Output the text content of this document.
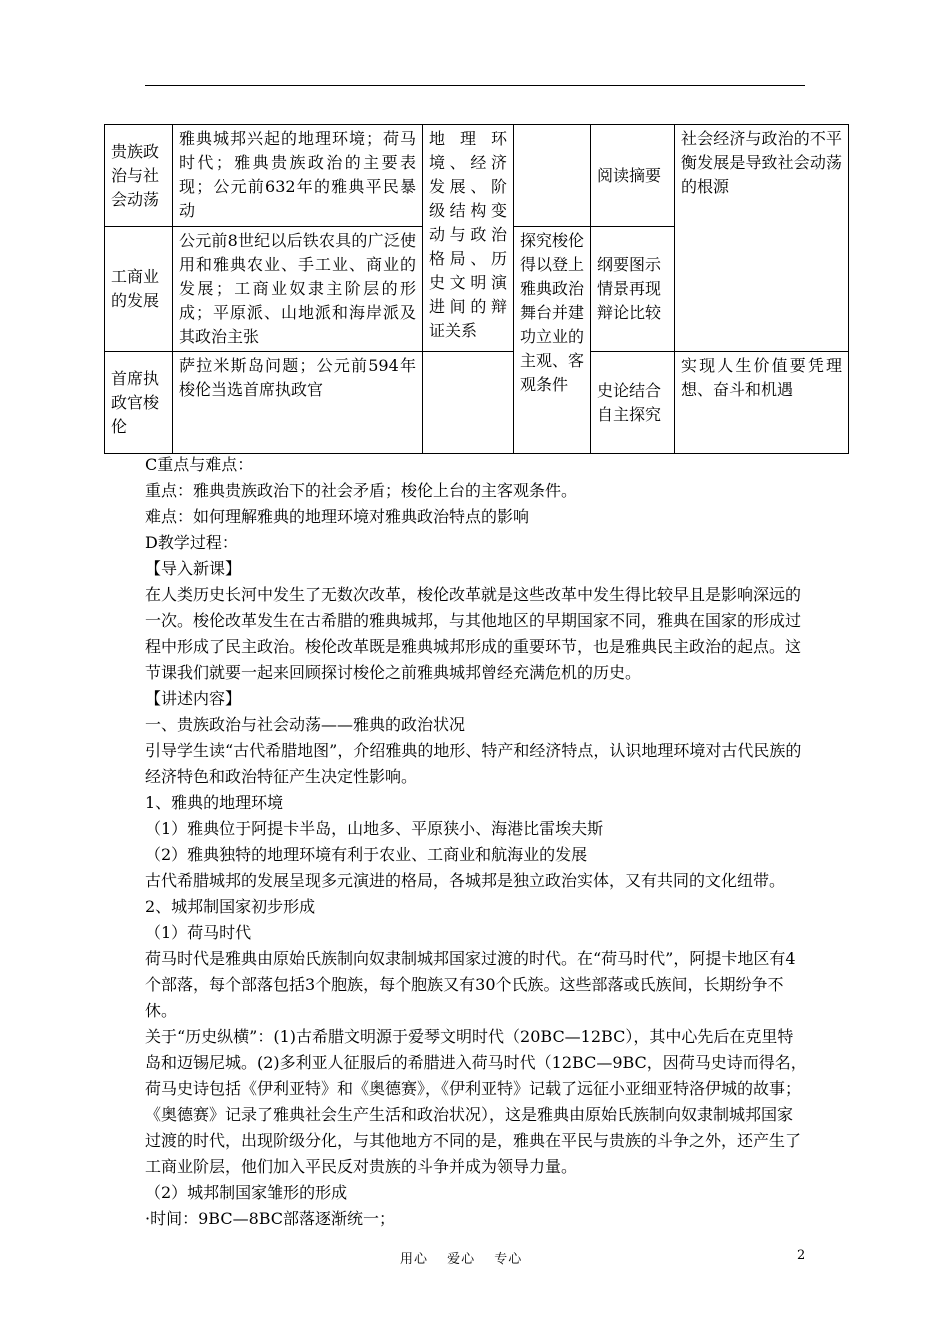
贵族政治与社会动荡	雅典城邦兴起的地理环境；荷马时代；雅典贵族政治的主要表现；公元前632年的雅典平民暴动	地理环境、经济发展、阶级结构变动与政治格局、历史文明演进间的辩证关系		阅读摘要	社会经济与政治的不平衡发展是导致社会动荡的根源
工商业的发展	公元前8世纪以后铁农具的广泛使用和雅典农业、手工业、商业的发展；工商业奴隶主阶层的形成；平原派、山地派和海岸派及其政治主张		探究梭伦得以登上雅典政治舞台并建功立业的主观、客观条件	纲要图示 情景再现 辩论比较	
首席执政官梭伦	萨拉米斯岛问题；公元前594年梭伦当选首席执政官			史论结合 自主探究	实现人生价值要凭理想、奋斗和机遇

C重点与难点：

重点：雅典贵族政治下的社会矛盾；梭伦上台的主客观条件。

难点：如何理解雅典的地理环境对雅典政治特点的影响

D教学过程：

【导入新课】

在人类历史长河中发生了无数次改革，梭伦改革就是这些改革中发生得比较早且是影响深远的一次。梭伦改革发生在古希腊的雅典城邦，与其他地区的早期国家不同，雅典在国家的形成过程中形成了民主政治。梭伦改革既是雅典城邦形成的重要环节，也是雅典民主政治的起点。这节课我们就要一起来回顾探讨梭伦之前雅典城邦曾经充满危机的历史。

【讲述内容】

一、贵族政治与社会动荡——雅典的政治状况

引导学生读“古代希腊地图”，介绍雅典的地形、特产和经济特点，认识地理环境对古代民族的经济特色和政治特征产生决定性影响。

1、雅典的地理环境

（1）雅典位于阿提卡半岛，山地多、平原狭小、海港比雷埃夫斯

（2）雅典独特的地理环境有利于农业、工商业和航海业的发展

古代希腊城邦的发展呈现多元演进的格局，各城邦是独立政治实体，又有共同的文化纽带。

2、城邦制国家初步形成

（1）荷马时代

荷马时代是雅典由原始氏族制向奴隶制城邦国家过渡的时代。在“荷马时代”，阿提卡地区有4个部落，每个部落包括3个胞族，每个胞族又有30个氏族。这些部落或氏族间，长期纷争不休。

关于“历史纵横”：(1)古希腊文明源于爱琴文明时代（20BC—12BC），其中心先后在克里特岛和迈锡尼城。(2)多利亚人征服后的希腊进入荷马时代（12BC—9BC，因荷马史诗而得名，荷马史诗包括《伊利亚特》和《奥德赛》，《伊利亚特》记载了远征小亚细亚特洛伊城的故事；《奥德赛》记录了雅典社会生产生活和政治状况），这是雅典由原始氏族制向奴隶制城邦国家过渡的时代，出现阶级分化，与其他地方不同的是，雅典在平民与贵族的斗争之外，还产生了工商业阶层，他们加入平民反对贵族的斗争并成为领导力量。

（2）城邦制国家雏形的形成

·时间：9BC—8BC部落逐渐统一；

用心 爱心 专心	2
